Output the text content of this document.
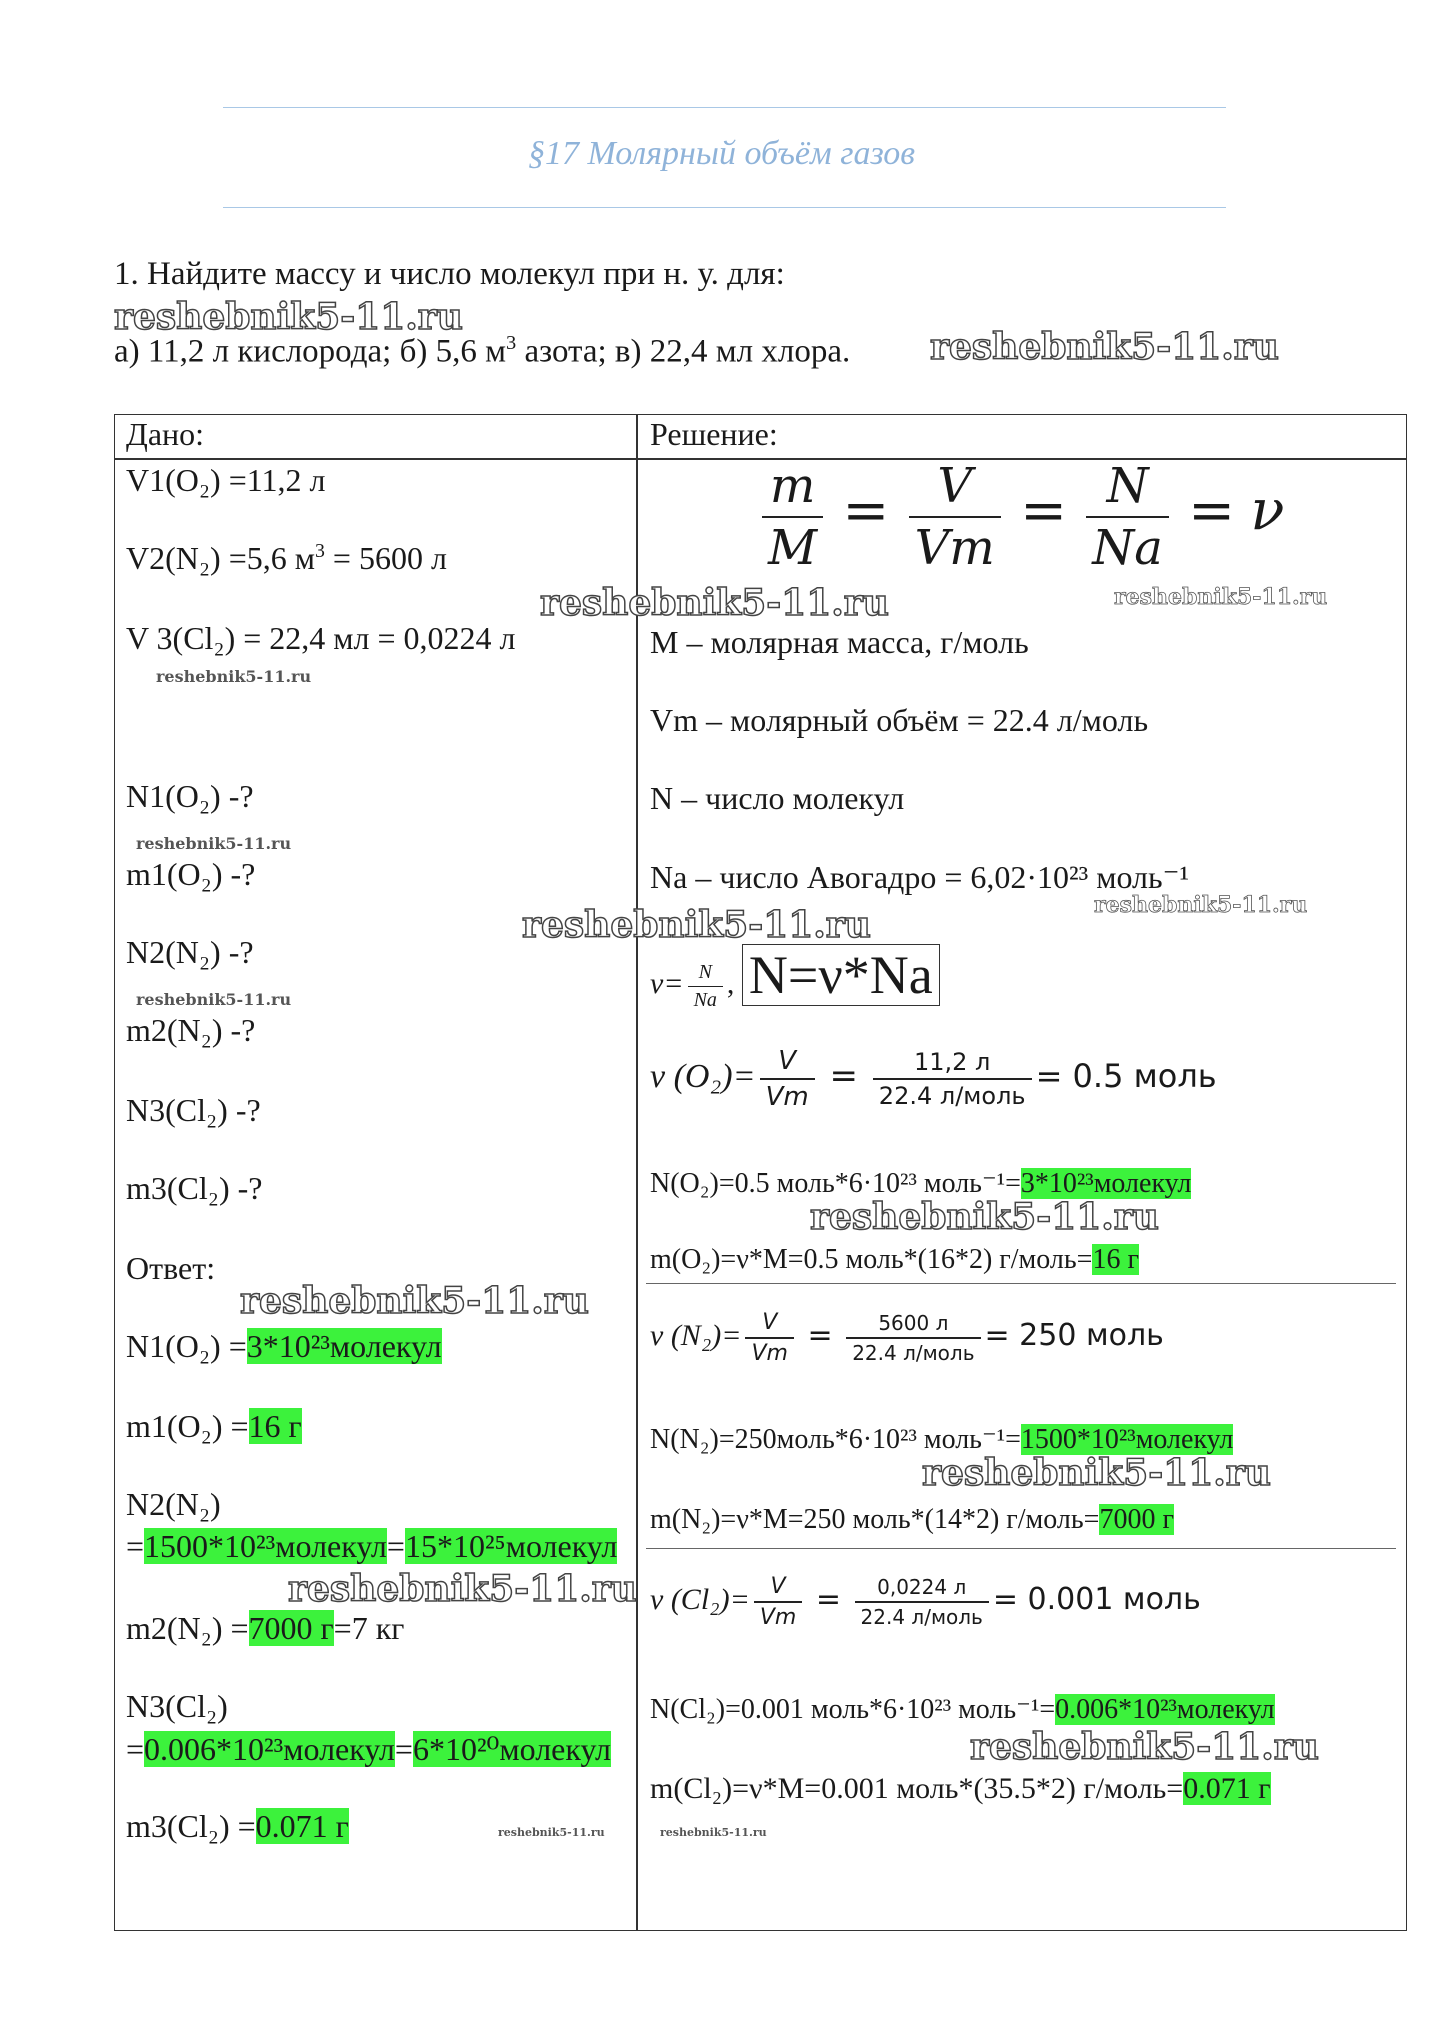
§17 Молярный объём газов
1. Найдите массу и число молекул при н. у. для:
а) 11,2 л кислорода; б) 5,6 $м^3$ азота; в) 22,4 мл хлора.
reshebnik5-11.ru
reshebnik5-11.ru
Дано:	Решение:
V1(O₂) =11,2 л
V2(N₂) =5,6 $м^3 = 5600$ л
V 3(Cl₂) = 22,4 мл = 0,0224 л
reshebnik5-11.ru
N1(O₂) -?
reshebnik5-11.ru
m1(O₂) -?
N2(N₂) -?
reshebnik5-11.ru
m2(N₂) -?
N3(Cl₂) -?
m3(Cl₂) -?
Ответ:
reshebnik5-11.ru
N1(O₂) =3*10²³молекул
m1(O₂) =16 г
N2(N₂)
=1500*10²³молекул=15*10²⁵молекул
reshebnik5-11.ru
m2(N₂) =7000 г=7 кг
N3(Cl₂)
=0.006*10²³молекул=6*10²⁰молекул
m3(Cl₂) =0.071 г	reshebnik5-11.ru
$\frac{m}{M} = \frac{V}{Vm} = \frac{N}{Na} = \nu$
reshebnik5-11.ru	reshebnik5-11.ru
M – молярная масса, г/моль
Vm – молярный объём = 22.4 л/моль
N – число молекул
Na – число Авогадро = 6,02·10²³ моль⁻¹
reshebnik5-11.ru
reshebnik5-11.ru
$\nu= \frac{N}{Na}$ , N=ν*Na
ν $(O_2)= \frac{V}{Vm} = \frac{11,2 л}{\text{22.4 л/моль}} = 0.5$ моль
N(O₂)=0.5 моль*6·10²³ моль⁻¹=3*10²³молекул
reshebnik5-11.ru
m(O₂)=ν*M=0.5 моль*(16*2) г/моль=16 г
ν $(N_2)= \frac{V}{Vm} = \frac{5600 л}{\text{22.4 л/моль}} = 250$ моль
N(N₂)=250моль*6·10²³ моль⁻¹=1500*10²³молекул
reshebnik5-11.ru
m(N₂)=ν*M=250 моль*(14*2) г/моль=7000 г
ν $(Cl_2)= \frac{V}{Vm} = \frac{0,0224 л}{\text{22.4 л/моль}} = 0.001$ моль
N(Cl₂)=0.001 моль*6·10²³ моль⁻¹=0.006*10²³молекул
reshebnik5-11.ru
m(Cl₂)=ν*M=0.001 моль*(35.5*2) г/моль=0.071 г
reshebnik5-11.ru
